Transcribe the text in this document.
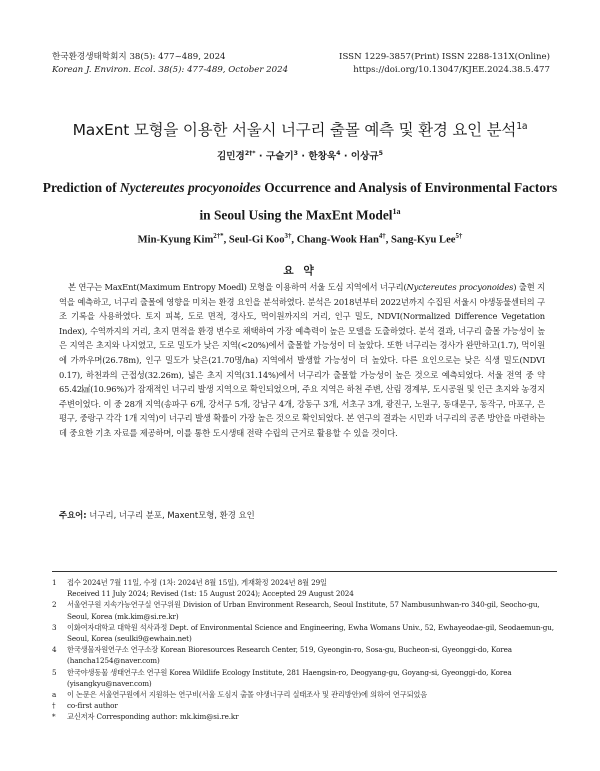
한국환경생태학회지 38(5): 477~489, 2024
Korean J. Environ. Ecol. 38(5): 477-489, October 2024
ISSN 1229-3857(Print) ISSN 2288-131X(Online)
https://doi.org/10.13047/KJEE.2024.38.5.477
MaxEnt 모형을 이용한 서울시 너구리 출몰 예측 및 환경 요인 분석$^{1a}$
김민경$^{2\dagger*}$ · 구슬기$^3$ · 한창욱$^4$ · 이상규$^5$
Prediction of Nyctereutes procyonoides Occurrence and Analysis of Environmental Factors in Seoul Using the MaxEnt Model$^{1a}$
Min-Kyung Kim$^{2\dagger*}$, Seul-Gi Koo$^{3\dagger}$, Chang-Wook Han$^{4\dagger}$, Sang-Kyu Lee$^{5\dagger}$
요 약
본 연구는 MaxEnt(Maximum Entropy Moedl) 모형을 이용하여 서울 도심 지역에서 너구리(Nyctereutes procyonoides) 출현 지역을 예측하고, 너구리 출몰에 영향을 미치는 환경 요인을 분석하였다. 분석은 2018년부터 2022년까지 수집된 서울시 야생동물센터의 구조 기록을 사용하였다. 토지 피복, 도로 면적, 경사도, 먹이원까지의 거리, 인구 밀도, NDVI(Normalized Difference Vegetation Index), 수역까지의 거리, 초지 면적을 환경 변수로 채택하여 가장 예측력이 높은 모델을 도출하였다. 분석 결과, 너구리 출몰 가능성이 높은 지역은 초지와 나지였고, 도로 밀도가 낮은 지역(<20%)에서 출몰할 가능성이 더 높았다. 또한 너구리는 경사가 완만하고(1.7), 먹이원에 가까우며(26.78m), 인구 밀도가 낮은(21.70명/ha) 지역에서 발생할 가능성이 더 높았다. 다른 요인으로는 낮은 식생 밀도(NDVI 0.17), 하천과의 근접성(32.26m), 넓은 초지 지역(31.14%)에서 너구리가 출몰할 가능성이 높은 것으로 예측되었다. 서울 전역 중 약 65.42㎢(10.96%)가 잠재적인 너구리 발생 지역으로 확인되었으며, 주요 지역은 하천 주변, 산림 경계부, 도시공원 및 인근 초지와 농경지 주변이었다. 이 중 28개 지역(송파구 6개, 강서구 5개, 강남구 4개, 강동구 3개, 서초구 3개, 광진구, 노원구, 동대문구, 동작구, 마포구, 은평구, 중랑구 각각 1개 지역)이 너구리 발생 확률이 가장 높은 것으로 확인되었다. 본 연구의 결과는 시민과 너구리의 공존 방안을 마련하는 데 중요한 기초 자료를 제공하며, 이를 통한 도시생태 전략 수립의 근거로 활용할 수 있을 것이다.
주요어: 너구리, 너구리 분포, Maxent모형, 환경 요인
1 접수 2024년 7월 11일, 수정 (1차: 2024년 8월 15일), 게재확정 2024년 8월 29일
Received 11 July 2024; Revised (1st: 15 August 2024); Accepted 29 August 2024
2 서울연구원 지속가능연구실 연구위원 Division of Urban Environment Research, Seoul Institute, 57 Nambusunhwan-ro 340-gil, Seocho-gu, Seoul, Korea (mk.kim@si.re.kr)
3 이화여자대학교 대학원 석사과정 Dept. of Environmental Science and Engineering, Ewha Womans Univ., 52, Ewhayeodae-gil, Seodaemun-gu, Seoul, Korea (seulki9@ewhain.net)
4 한국생물자원연구소 연구소장 Korean Bioresources Research Center, 519, Gyeongin-ro, Sosa-gu, Bucheon-si, Gyeonggi-do, Korea (hancha1254@naver.com)
5 한국야생동물 생태연구소 연구원 Korea Wildlife Ecology Institute, 281 Haengsin-ro, Deogyang-gu, Goyang-si, Gyeonggi-do, Korea (yisangkyu@naver.com)
a 이 논문은 서울연구원에서 지원하는 연구비(서울 도심지 출몰 야생너구리 실태조사 및 관리방안)에 의하여 연구되었음
† co-first author
* 교신저자 Corresponding author: mk.kim@si.re.kr
